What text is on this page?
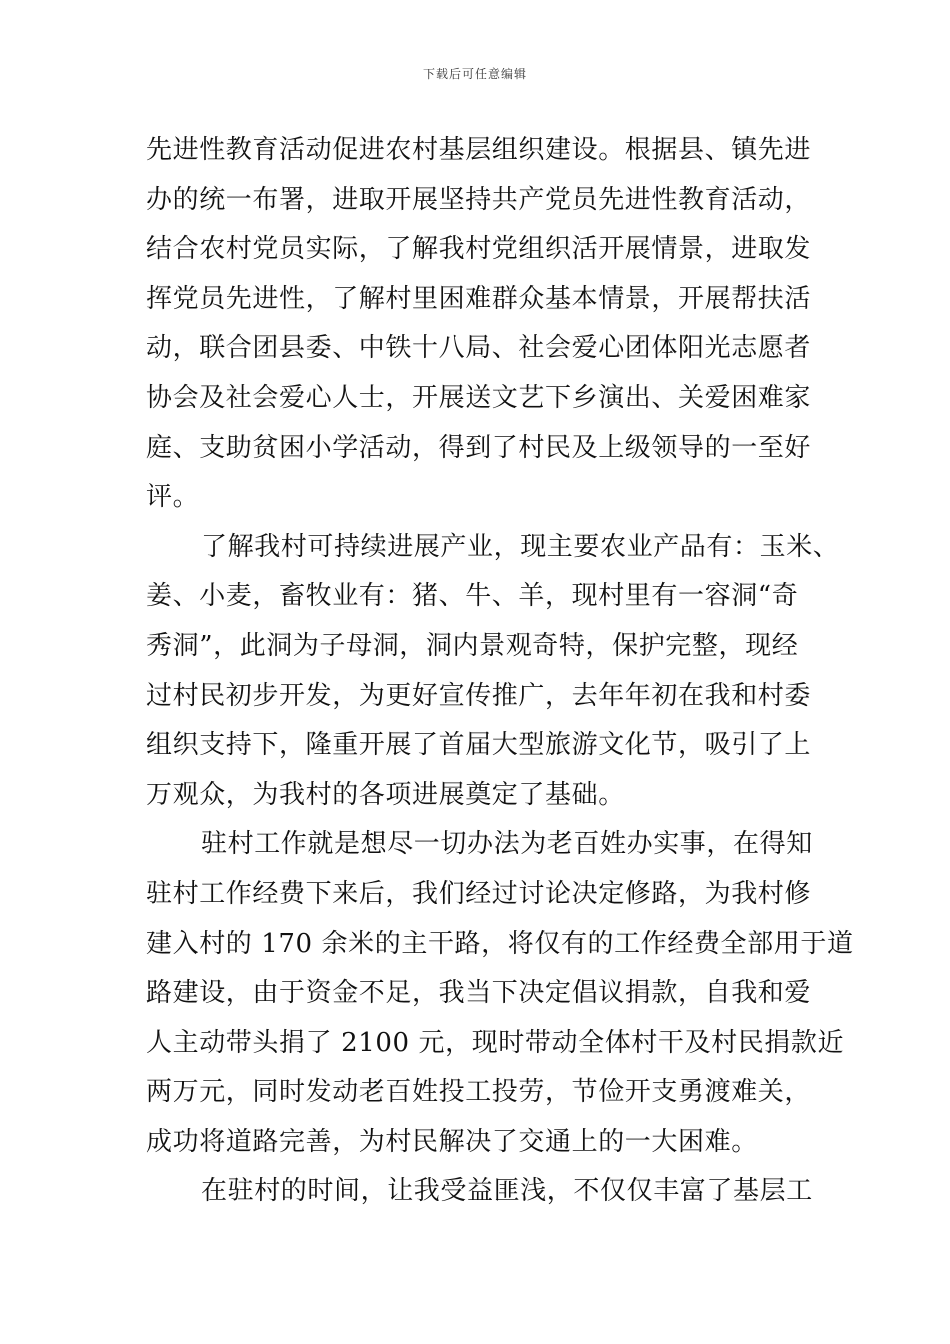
下载后可任意编辑
先进性教育活动促进农村基层组织建设。根据县、镇先进
办的统一布署，进取开展坚持共产党员先进性教育活动，
结合农村党员实际，了解我村党组织活开展情景，进取发
挥党员先进性，了解村里困难群众基本情景，开展帮扶活
动，联合团县委、中铁十八局、社会爱心团体阳光志愿者
协会及社会爱心人士，开展送文艺下乡演出、关爱困难家
庭、支助贫困小学活动，得到了村民及上级领导的一至好
评。
了解我村可持续进展产业，现主要农业产品有：玉米、
姜、小麦，畜牧业有：猪、牛、羊，现村里有一容洞“奇
秀洞”，此洞为子母洞，洞内景观奇特，保护完整，现经
过村民初步开发，为更好宣传推广，去年年初在我和村委
组织支持下，隆重开展了首届大型旅游文化节，吸引了上
万观众，为我村的各项进展奠定了基础。
驻村工作就是想尽一切办法为老百姓办实事，在得知
驻村工作经费下来后，我们经过讨论决定修路，为我村修
建入村的 170 余米的主干路，将仅有的工作经费全部用于道
路建设，由于资金不足，我当下决定倡议捐款，自我和爱
人主动带头捐了 2100 元，现时带动全体村干及村民捐款近
两万元，同时发动老百姓投工投劳，节俭开支勇渡难关，
成功将道路完善，为村民解决了交通上的一大困难。
在驻村的时间，让我受益匪浅，不仅仅丰富了基层工
